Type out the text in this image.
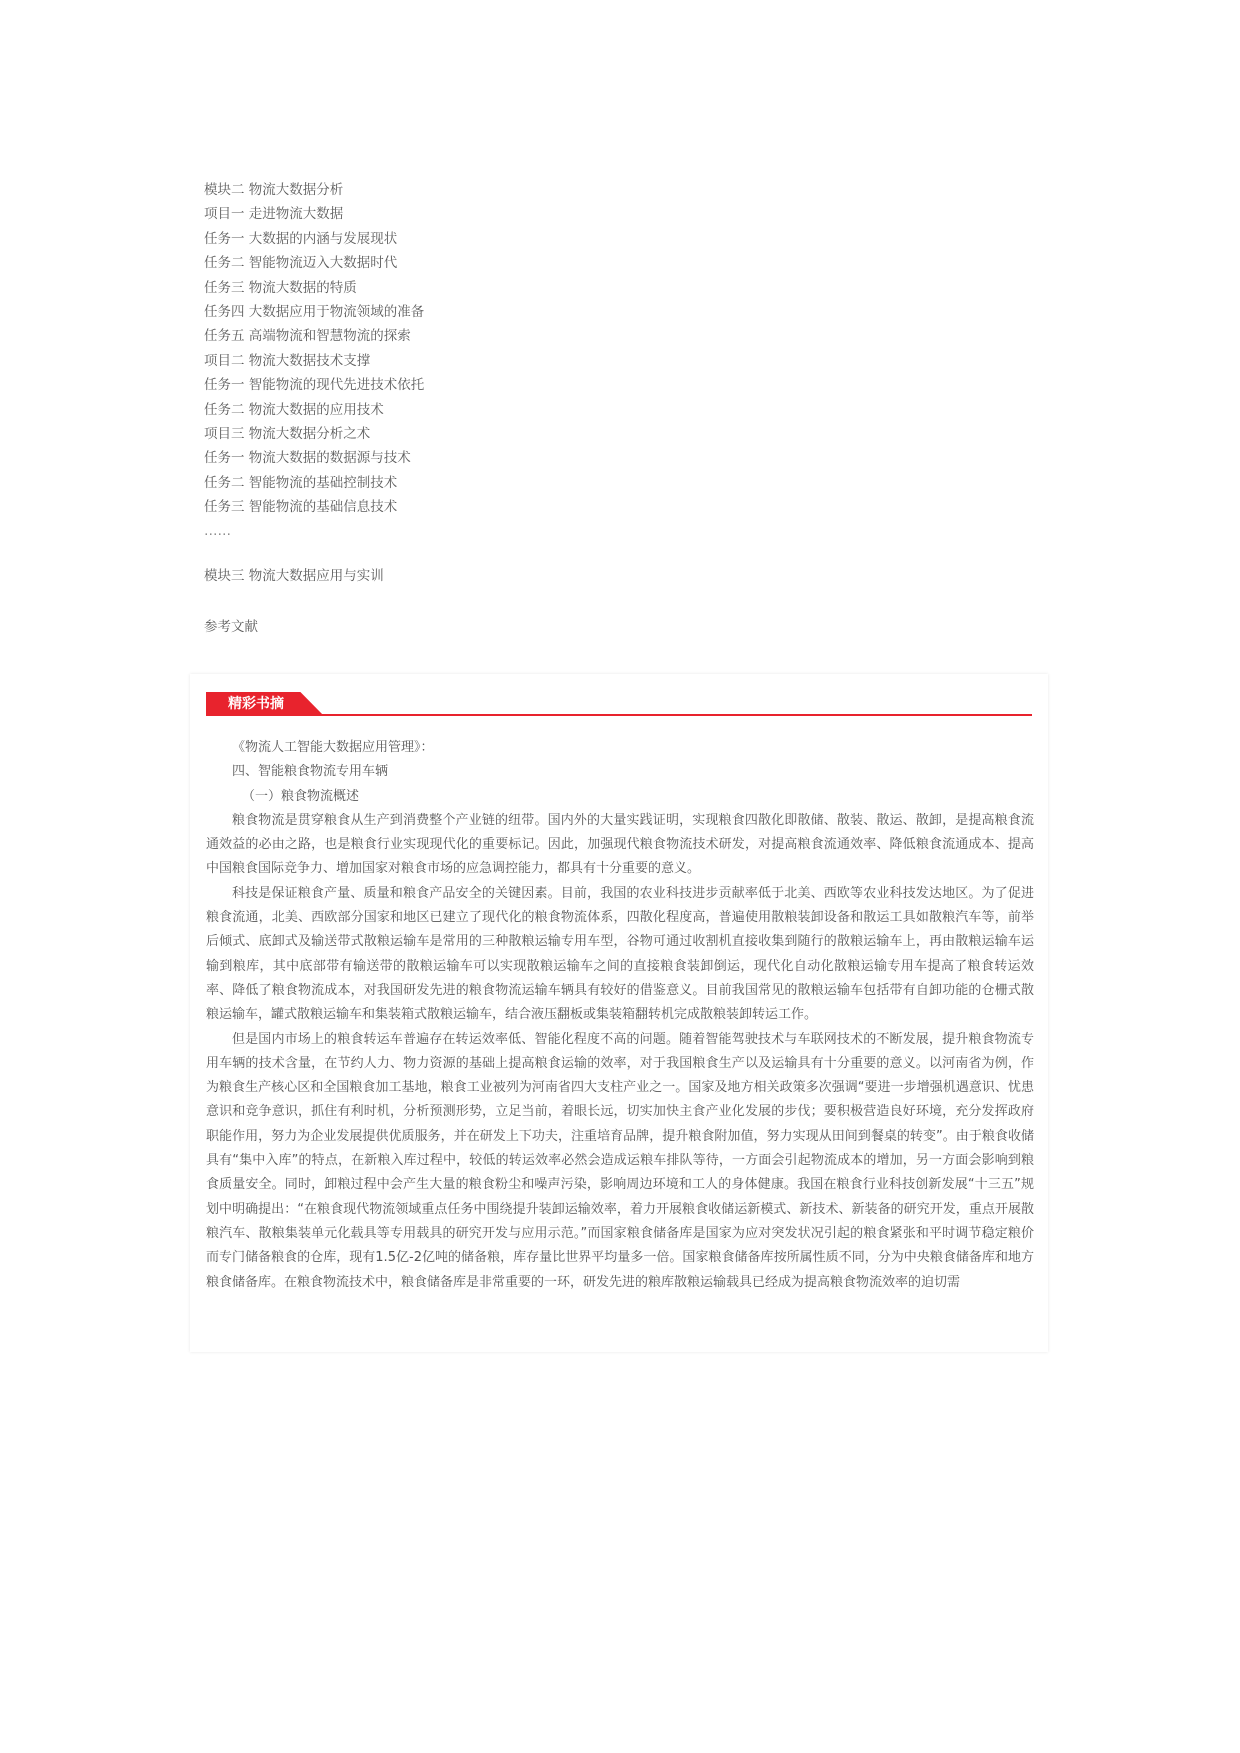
模块二 物流大数据分析
项目一 走进物流大数据
任务一 大数据的内涵与发展现状
任务二 智能物流迈入大数据时代
任务三 物流大数据的特质
任务四 大数据应用于物流领域的准备
任务五 高端物流和智慧物流的探索
项目二 物流大数据技术支撑
任务一 智能物流的现代先进技术依托
任务二 物流大数据的应用技术
项目三 物流大数据分析之术
任务一 物流大数据的数据源与技术
任务二 智能物流的基础控制技术
任务三 智能物流的基础信息技术
……
模块三 物流大数据应用与实训
参考文献
精彩书摘

《物流人工智能大数据应用管理》：

四、智能粮食物流专用车辆

（一）粮食物流概述

粮食物流是贯穿粮食从生产到消费整个产业链的纽带。国内外的大量实践证明，实现粮食四散化即散储、散装、散运、散卸，是提高粮食流通效益的必由之路，也是粮食行业实现现代化的重要标记。因此，加强现代粮食物流技术研发，对提高粮食流通效率、降低粮食流通成本、提高中国粮食国际竞争力、增加国家对粮食市场的应急调控能力，都具有十分重要的意义。

科技是保证粮食产量、质量和粮食产品安全的关键因素。目前，我国的农业科技进步贡献率低于北美、西欧等农业科技发达地区。为了促进粮食流通，北美、西欧部分国家和地区已建立了现代化的粮食物流体系，四散化程度高，普遍使用散粮装卸设备和散运工具如散粮汽车等，前举后倾式、底卸式及输送带式散粮运输车是常用的三种散粮运输专用车型，谷物可通过收割机直接收集到随行的散粮运输车上，再由散粮运输车运输到粮库，其中底部带有输送带的散粮运输车可以实现散粮运输车之间的直接粮食装卸倒运，现代化自动化散粮运输专用车提高了粮食转运效率、降低了粮食物流成本，对我国研发先进的粮食物流运输车辆具有较好的借鉴意义。目前我国常见的散粮运输车包括带有自卸功能的仓栅式散粮运输车，罐式散粮运输车和集装箱式散粮运输车，结合液压翻板或集装箱翻转机完成散粮装卸转运工作。

但是国内市场上的粮食转运车普遍存在转运效率低、智能化程度不高的问题。随着智能驾驶技术与车联网技术的不断发展，提升粮食物流专用车辆的技术含量，在节约人力、物力资源的基础上提高粮食运输的效率，对于我国粮食生产以及运输具有十分重要的意义。以河南省为例，作为粮食生产核心区和全国粮食加工基地，粮食工业被列为河南省四大支柱产业之一。国家及地方相关政策多次强调“要进一步增强机遇意识、忧患意识和竞争意识，抓住有利时机，分析预测形势，立足当前，着眼长远，切实加快主食产业化发展的步伐；要积极营造良好环境，充分发挥政府职能作用，努力为企业发展提供优质服务，并在研发上下功夫，注重培育品牌，提升粮食附加值，努力实现从田间到餐桌的转变”。由于粮食收储具有“集中入库”的特点，在新粮入库过程中，较低的转运效率必然会造成运粮车排队等待，一方面会引起物流成本的增加，另一方面会影响到粮食质量安全。同时，卸粮过程中会产生大量的粮食粉尘和噪声污染，影响周边环境和工人的身体健康。我国在粮食行业科技创新发展“十三五”规划中明确提出：“在粮食现代物流领域重点任务中围绕提升装卸运输效率，着力开展粮食收储运新模式、新技术、新装备的研究开发，重点开展散粮汽车、散粮集装单元化载具等专用载具的研究开发与应用示范。”而国家粮食储备库是国家为应对突发状况引起的粮食紧张和平时调节稳定粮价而专门储备粮食的仓库，现有1.5亿-2亿吨的储备粮，库存量比世界平均量多一倍。国家粮食储备库按所属性质不同，分为中央粮食储备库和地方粮食储备库。在粮食物流技术中，粮食储备库是非常重要的一环，研发先进的粮库散粮运输载具已经成为提高粮食物流效率的迫切需
